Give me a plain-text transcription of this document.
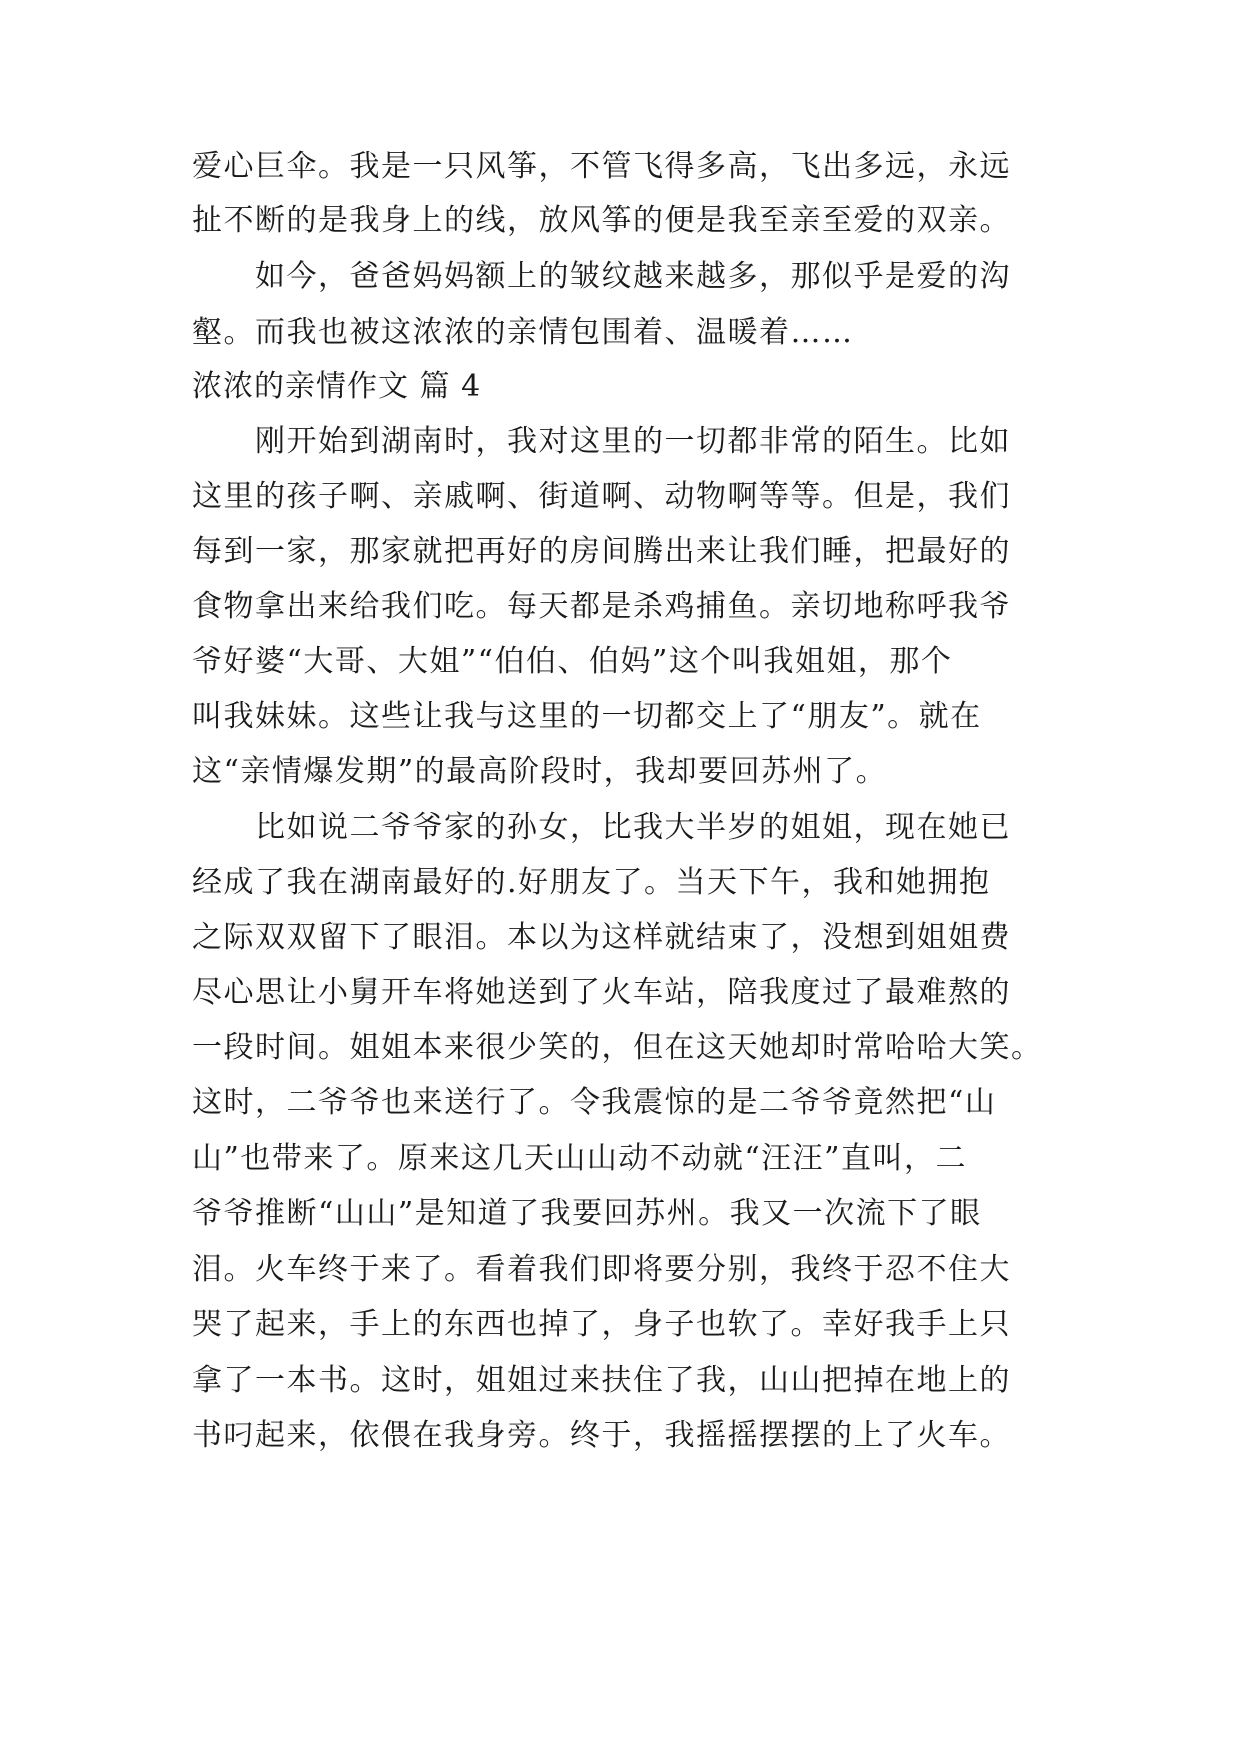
爱心巨伞。我是一只风筝，不管飞得多高，飞出多远，永远
扯不断的是我身上的线，放风筝的便是我至亲至爱的双亲。
如今，爸爸妈妈额上的皱纹越来越多，那似乎是爱的沟
壑。而我也被这浓浓的亲情包围着、温暖着……
浓浓的亲情作文 篇 4
刚开始到湖南时，我对这里的一切都非常的陌生。比如
这里的孩子啊、亲戚啊、街道啊、动物啊等等。但是，我们
每到一家，那家就把再好的房间腾出来让我们睡，把最好的
食物拿出来给我们吃。每天都是杀鸡捕鱼。亲切地称呼我爷
爷好婆“大哥、大姐”“伯伯、伯妈”这个叫我姐姐，那个
叫我妹妹。这些让我与这里的一切都交上了“朋友”。就在
这“亲情爆发期”的最高阶段时，我却要回苏州了。
比如说二爷爷家的孙女，比我大半岁的姐姐，现在她已
经成了我在湖南最好的.好朋友了。当天下午，我和她拥抱
之际双双留下了眼泪。本以为这样就结束了，没想到姐姐费
尽心思让小舅开车将她送到了火车站，陪我度过了最难熬的
一段时间。姐姐本来很少笑的，但在这天她却时常哈哈大笑。
这时，二爷爷也来送行了。令我震惊的是二爷爷竟然把“山
山”也带来了。原来这几天山山动不动就“汪汪”直叫，二
爷爷推断“山山”是知道了我要回苏州。我又一次流下了眼
泪。火车终于来了。看着我们即将要分别，我终于忍不住大
哭了起来，手上的东西也掉了，身子也软了。幸好我手上只
拿了一本书。这时，姐姐过来扶住了我，山山把掉在地上的
书叼起来，依偎在我身旁。终于，我摇摇摆摆的上了火车。
